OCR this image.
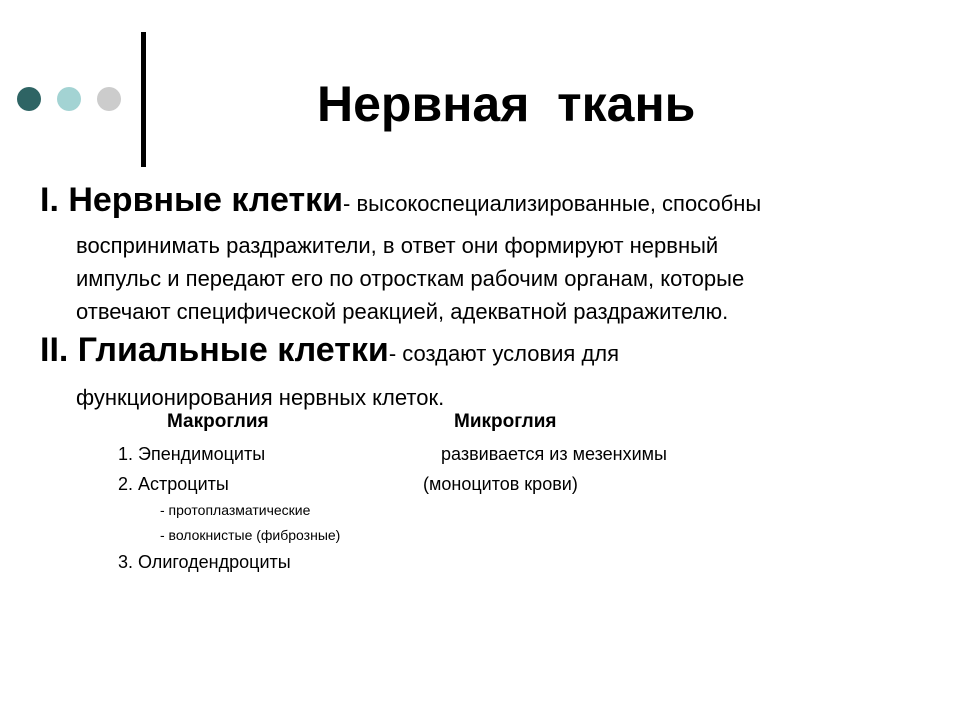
Нервная  ткань
I. Нервные клетки- высокоспециализированные, способны
воспринимать раздражители, в ответ они формируют нервный
импульс и передают его по отросткам рабочим органам, которые
отвечают специфической реакцией, адекватной раздражителю.
II. Глиальные клетки- создают условия для
функционирования нервных клеток.
Макроглия	Микроглия
1. Эпендимоциты
2. Астроциты
- протоплазматические
- волокнистые (фиброзные)
3. Олигодендроциты
развивается из мезенхимы
(моноцитов крови)
